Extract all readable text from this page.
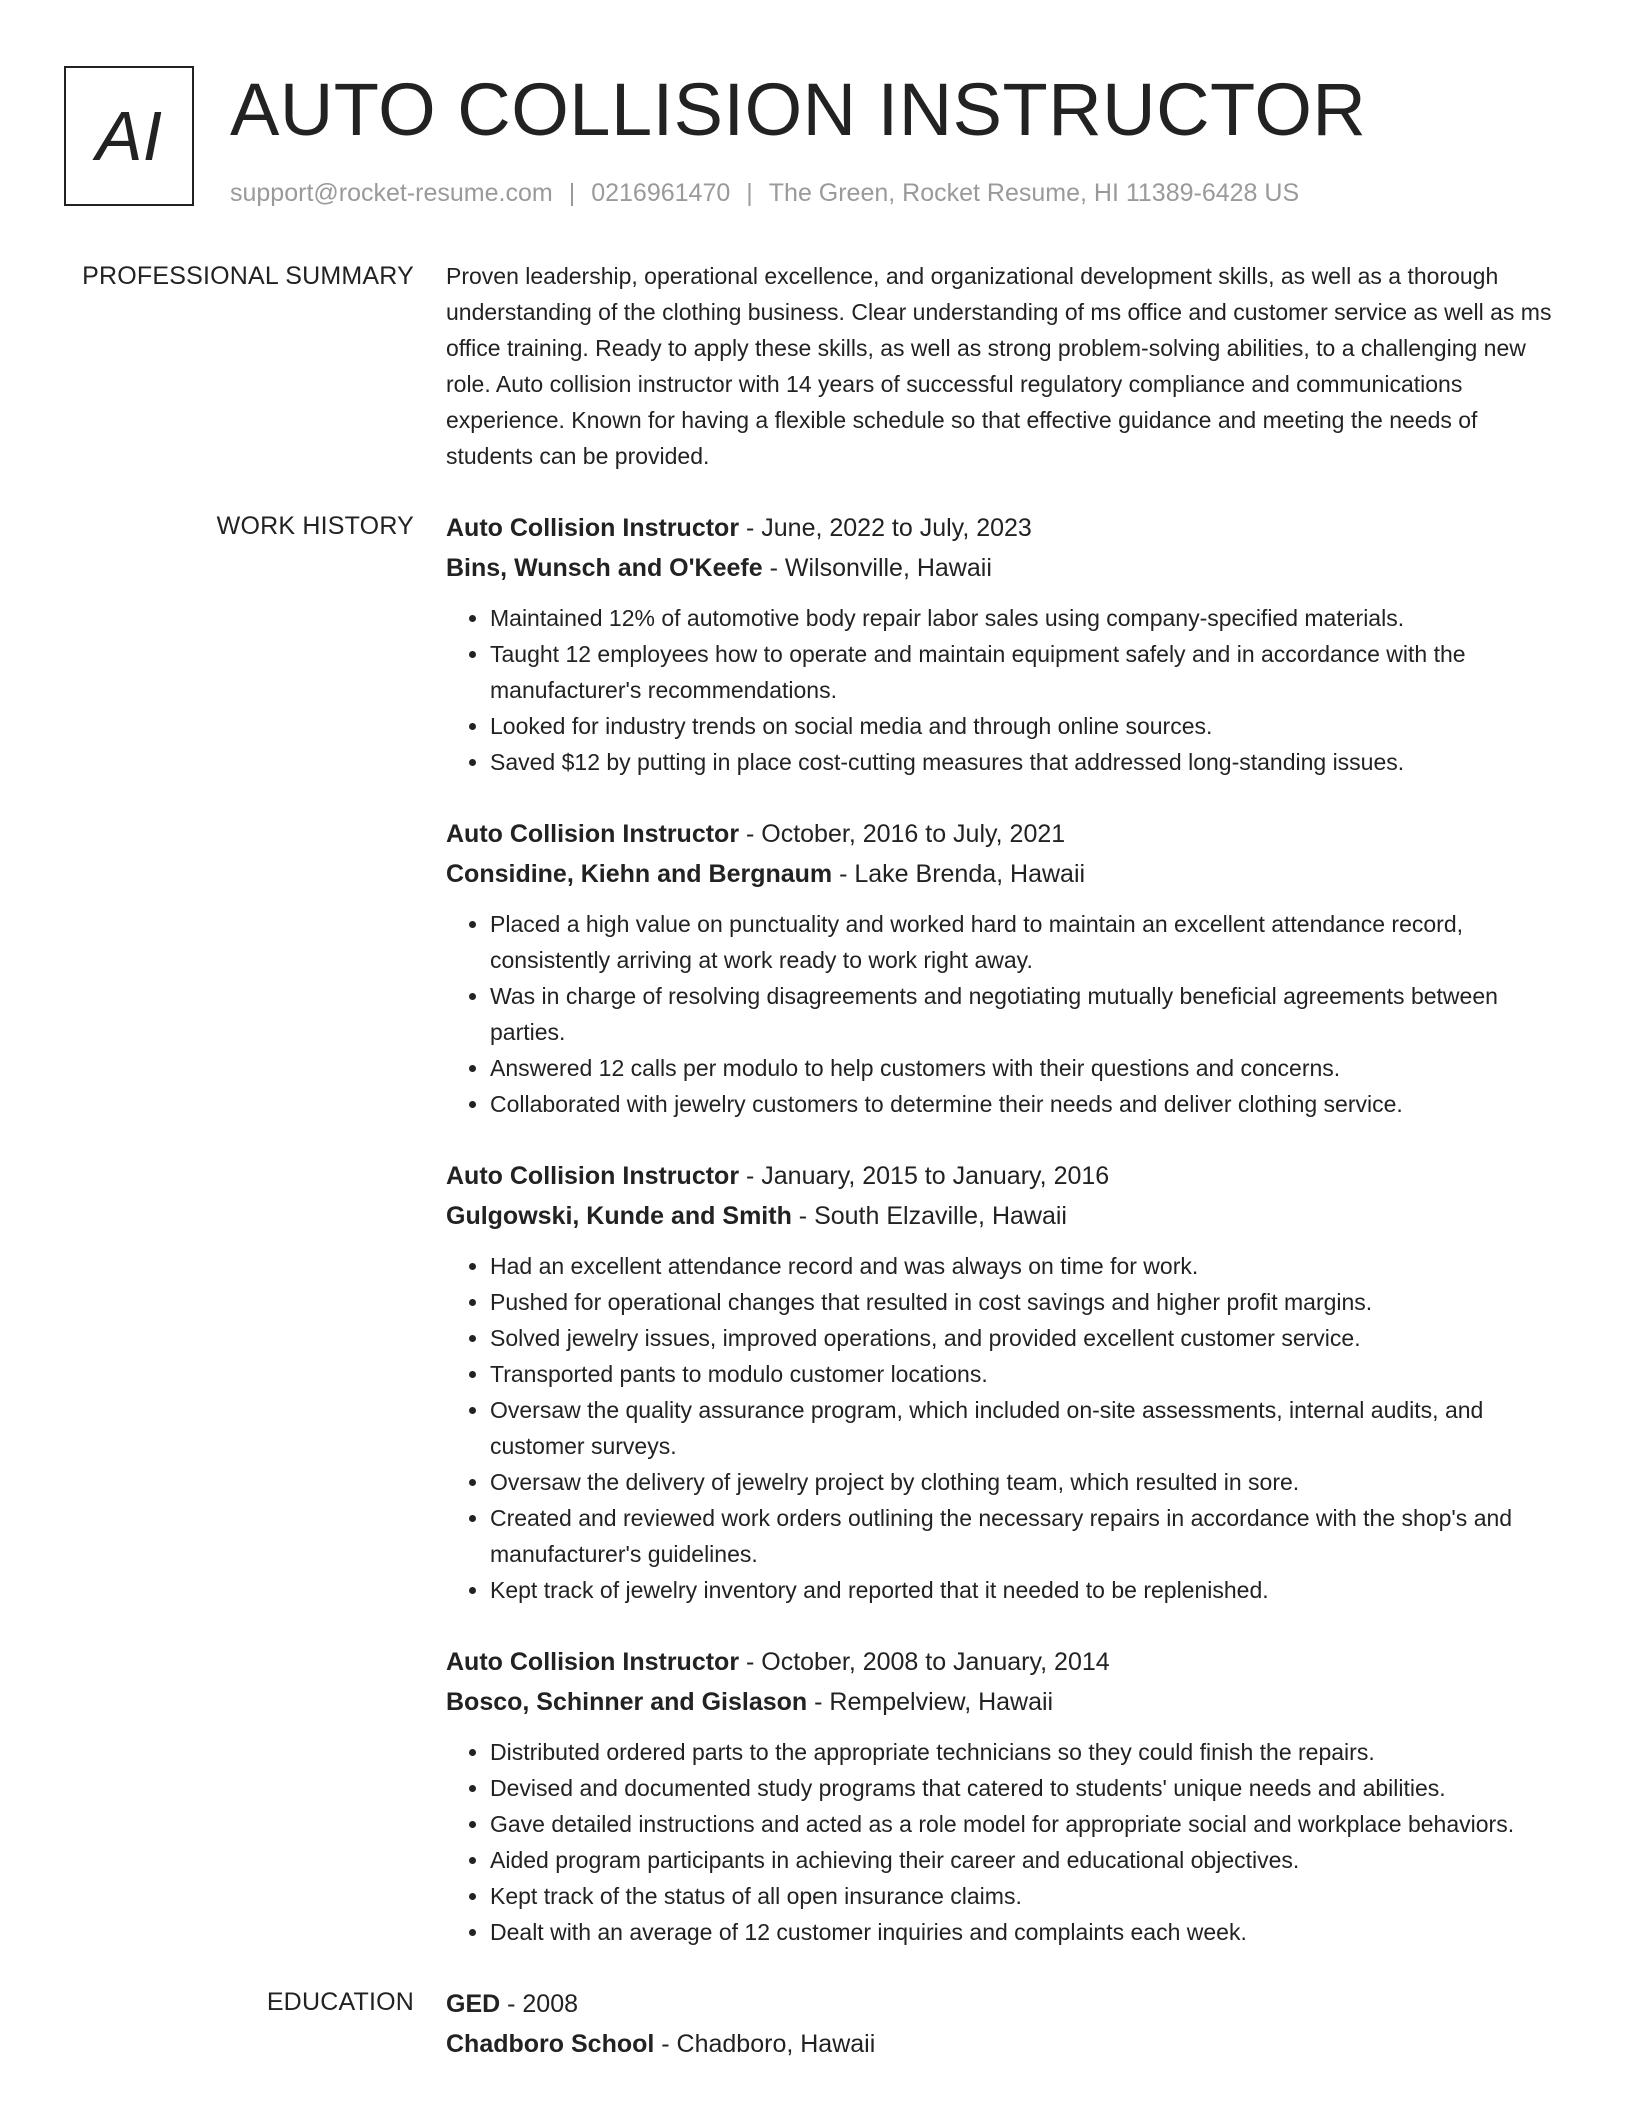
AI AUTO COLLISION INSTRUCTOR
support@rocket-resume.com | 0216961470 | The Green, Rocket Resume, HI 11389-6428 US
PROFESSIONAL SUMMARY Proven leadership, operational excellence, and organizational development skills, as well as a thorough understanding of the clothing business. Clear understanding of ms office and customer service as well as ms office training. Ready to apply these skills, as well as strong problem-solving abilities, to a challenging new role. Auto collision instructor with 14 years of successful regulatory compliance and communications experience. Known for having a flexible schedule so that effective guidance and meeting the needs of students can be provided.

WORK HISTORY Auto Collision Instructor - June, 2022 to July, 2023
Bins, Wunsch and O'Keefe - Wilsonville, Hawaii
• Maintained 12% of automotive body repair labor sales using company-specified materials.
• Taught 12 employees how to operate and maintain equipment safely and in accordance with the manufacturer's recommendations.
• Looked for industry trends on social media and through online sources.
• Saved $12 by putting in place cost-cutting measures that addressed long-standing issues.
Auto Collision Instructor - October, 2016 to July, 2021
Considine, Kiehn and Bergnaum - Lake Brenda, Hawaii
• Placed a high value on punctuality and worked hard to maintain an excellent attendance record, consistently arriving at work ready to work right away.
• Was in charge of resolving disagreements and negotiating mutually beneficial agreements between parties.
• Answered 12 calls per modulo to help customers with their questions and concerns.
• Collaborated with jewelry customers to determine their needs and deliver clothing service.
Auto Collision Instructor - January, 2015 to January, 2016
Gulgowski, Kunde and Smith - South Elzaville, Hawaii
• Had an excellent attendance record and was always on time for work.
• Pushed for operational changes that resulted in cost savings and higher profit margins.
• Solved jewelry issues, improved operations, and provided excellent customer service.
• Transported pants to modulo customer locations.
• Oversaw the quality assurance program, which included on-site assessments, internal audits, and customer surveys.
• Oversaw the delivery of jewelry project by clothing team, which resulted in sore.
• Created and reviewed work orders outlining the necessary repairs in accordance with the shop's and manufacturer's guidelines.
• Kept track of jewelry inventory and reported that it needed to be replenished.
Auto Collision Instructor - October, 2008 to January, 2014
Bosco, Schinner and Gislason - Rempelview, Hawaii
• Distributed ordered parts to the appropriate technicians so they could finish the repairs.
• Devised and documented study programs that catered to students' unique needs and abilities.
• Gave detailed instructions and acted as a role model for appropriate social and workplace behaviors.
• Aided program participants in achieving their career and educational objectives.
• Kept track of the status of all open insurance claims.
• Dealt with an average of 12 customer inquiries and complaints each week.
EDUCATION GED - 2008
Chadboro School - Chadboro, Hawaii
